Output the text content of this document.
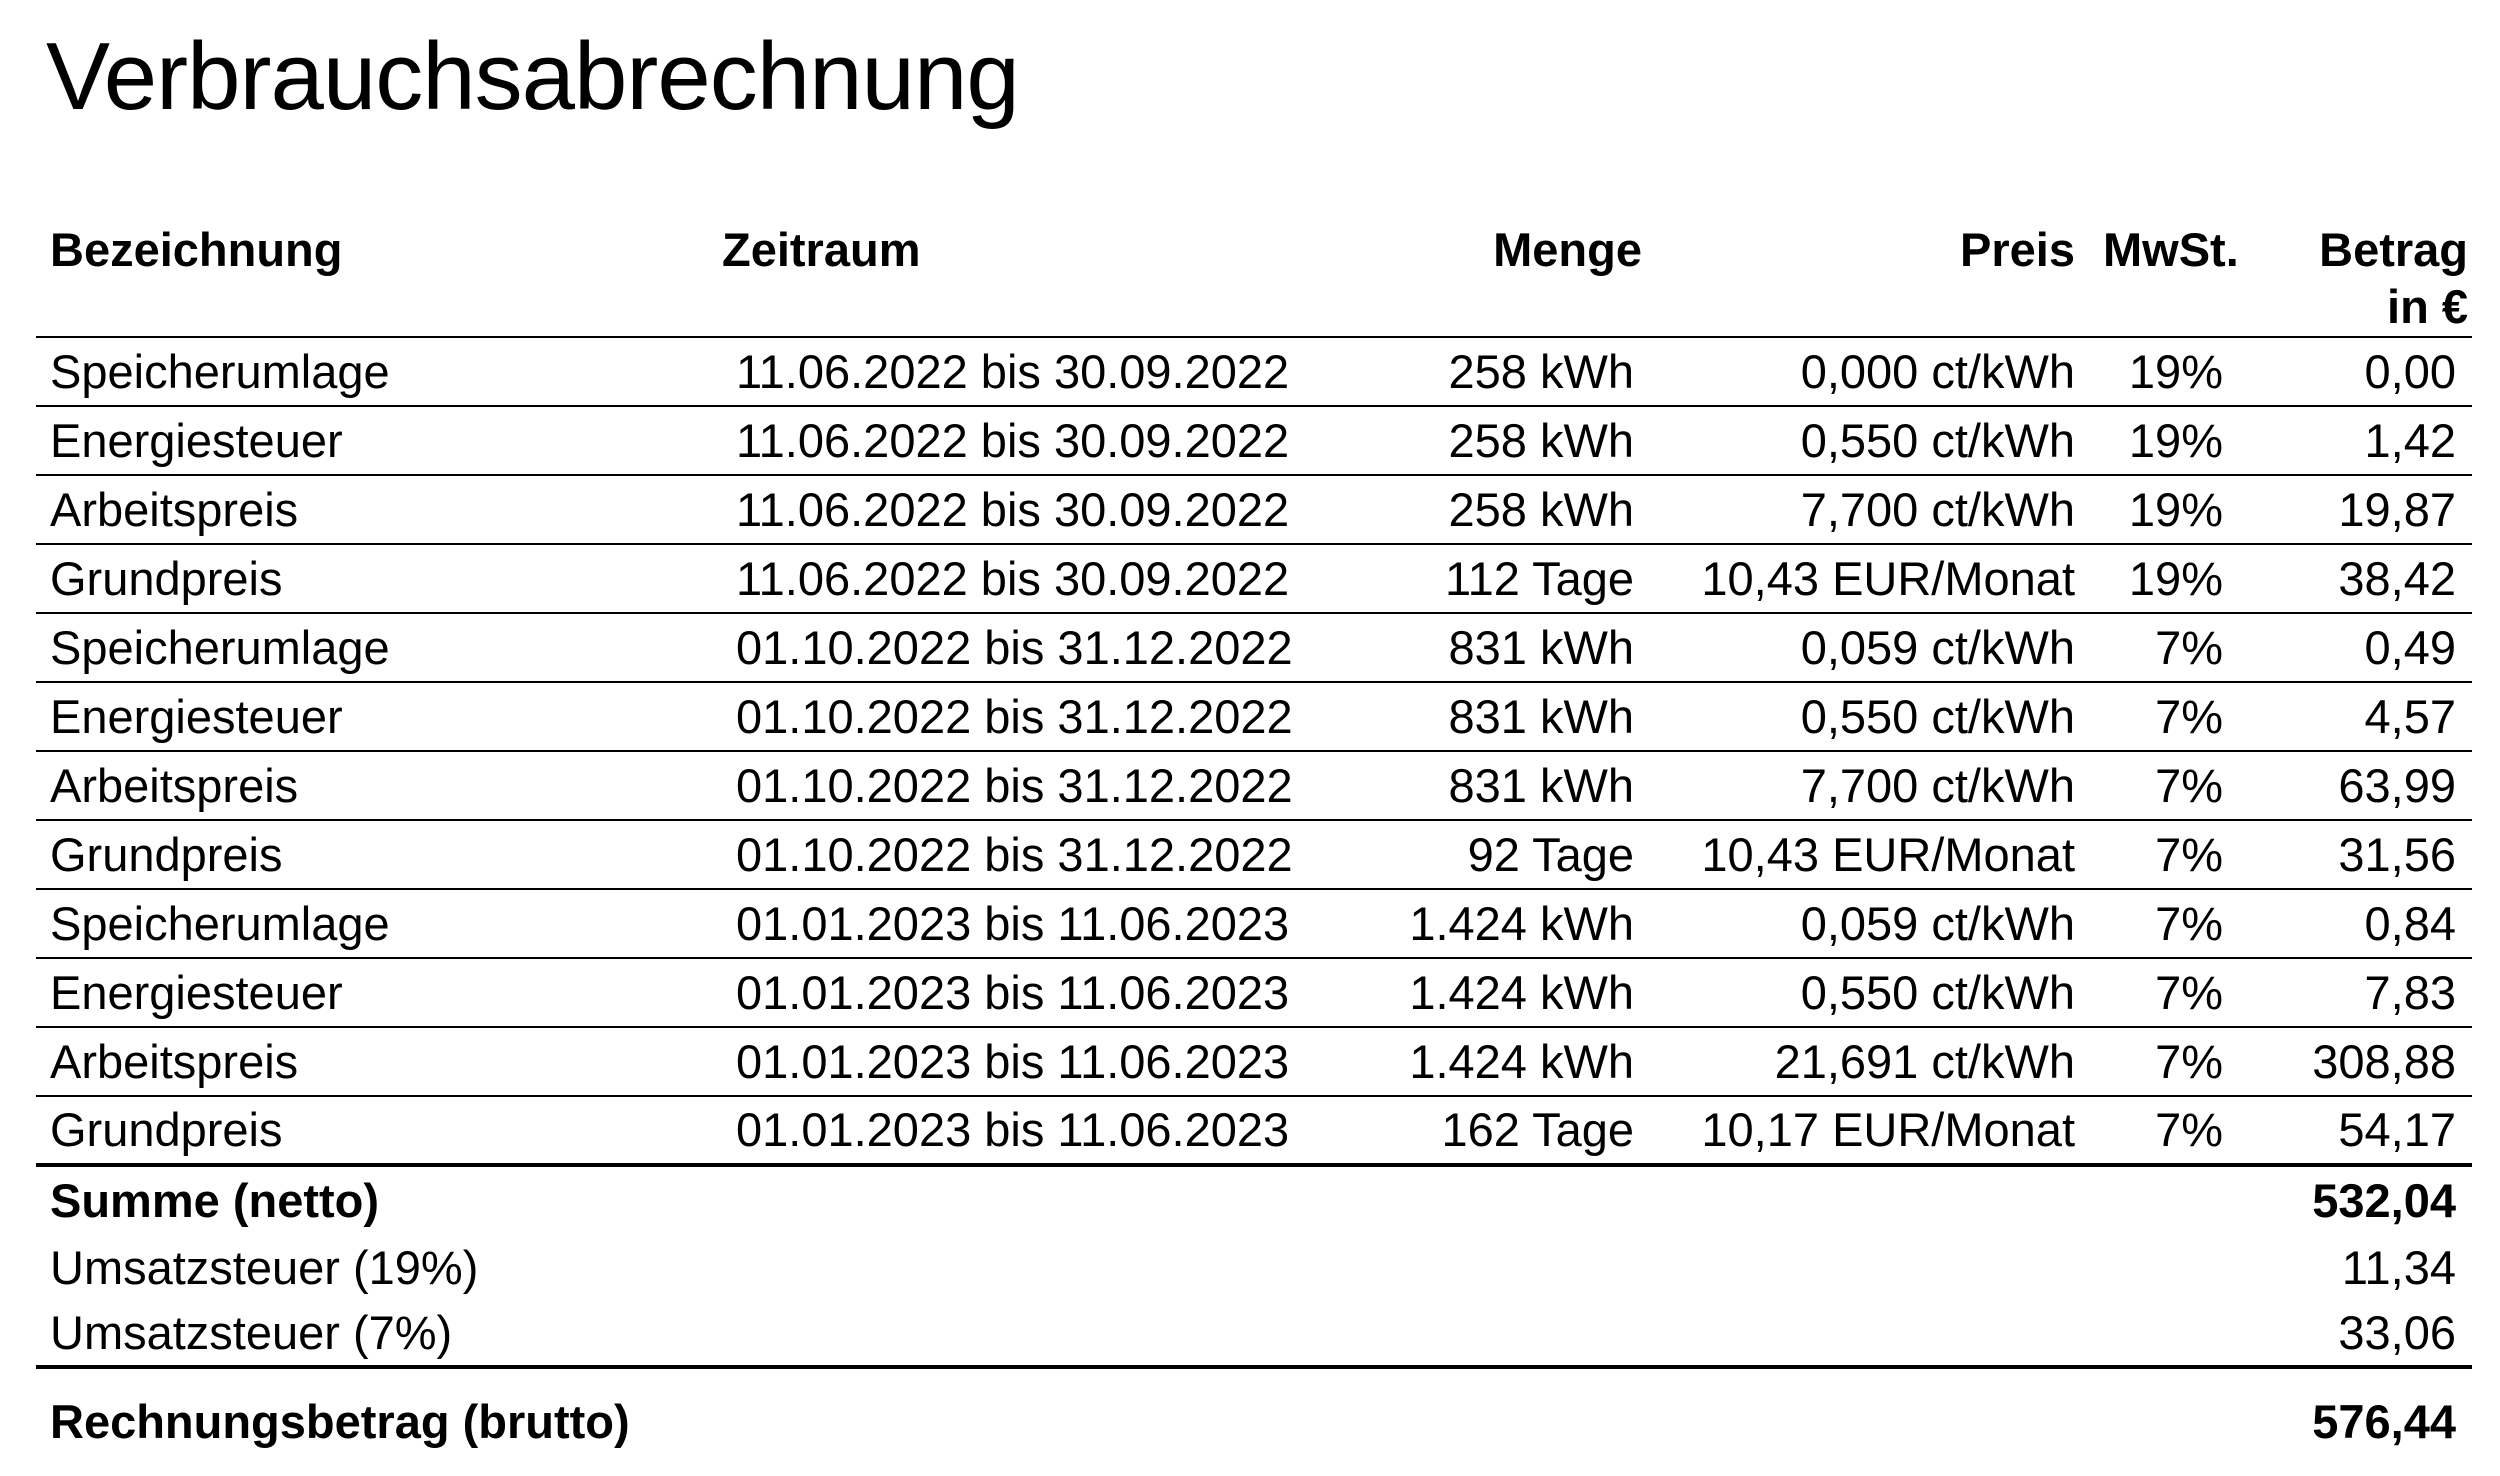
Verbrauchsabrechnung
Bezeichnung	Zeitraum	Menge	Preis	MwSt.	Betrag
in €
Speicherumlage	11.06.2022 bis 30.09.2022	258 kWh	0,000 ct/kWh	19%	0,00
Energiesteuer	11.06.2022 bis 30.09.2022	258 kWh	0,550 ct/kWh	19%	1,42
Arbeitspreis	11.06.2022 bis 30.09.2022	258 kWh	7,700 ct/kWh	19%	19,87
Grundpreis	11.06.2022 bis 30.09.2022	112 Tage	10,43 EUR/Monat	19%	38,42
Speicherumlage	01.10.2022 bis 31.12.2022	831 kWh	0,059 ct/kWh	7%	0,49
Energiesteuer	01.10.2022 bis 31.12.2022	831 kWh	0,550 ct/kWh	7%	4,57
Arbeitspreis	01.10.2022 bis 31.12.2022	831 kWh	7,700 ct/kWh	7%	63,99
Grundpreis	01.10.2022 bis 31.12.2022	92 Tage	10,43 EUR/Monat	7%	31,56
Speicherumlage	01.01.2023 bis 11.06.2023	1.424 kWh	0,059 ct/kWh	7%	0,84
Energiesteuer	01.01.2023 bis 11.06.2023	1.424 kWh	0,550 ct/kWh	7%	7,83
Arbeitspreis	01.01.2023 bis 11.06.2023	1.424 kWh	21,691 ct/kWh	7%	308,88
Grundpreis	01.01.2023 bis 11.06.2023	162 Tage	10,17 EUR/Monat	7%	54,17
Summe (netto)					532,04
Umsatzsteuer (19%)					11,34
Umsatzsteuer (7%)					33,06
Rechnungsbetrag (brutto)					576,44
